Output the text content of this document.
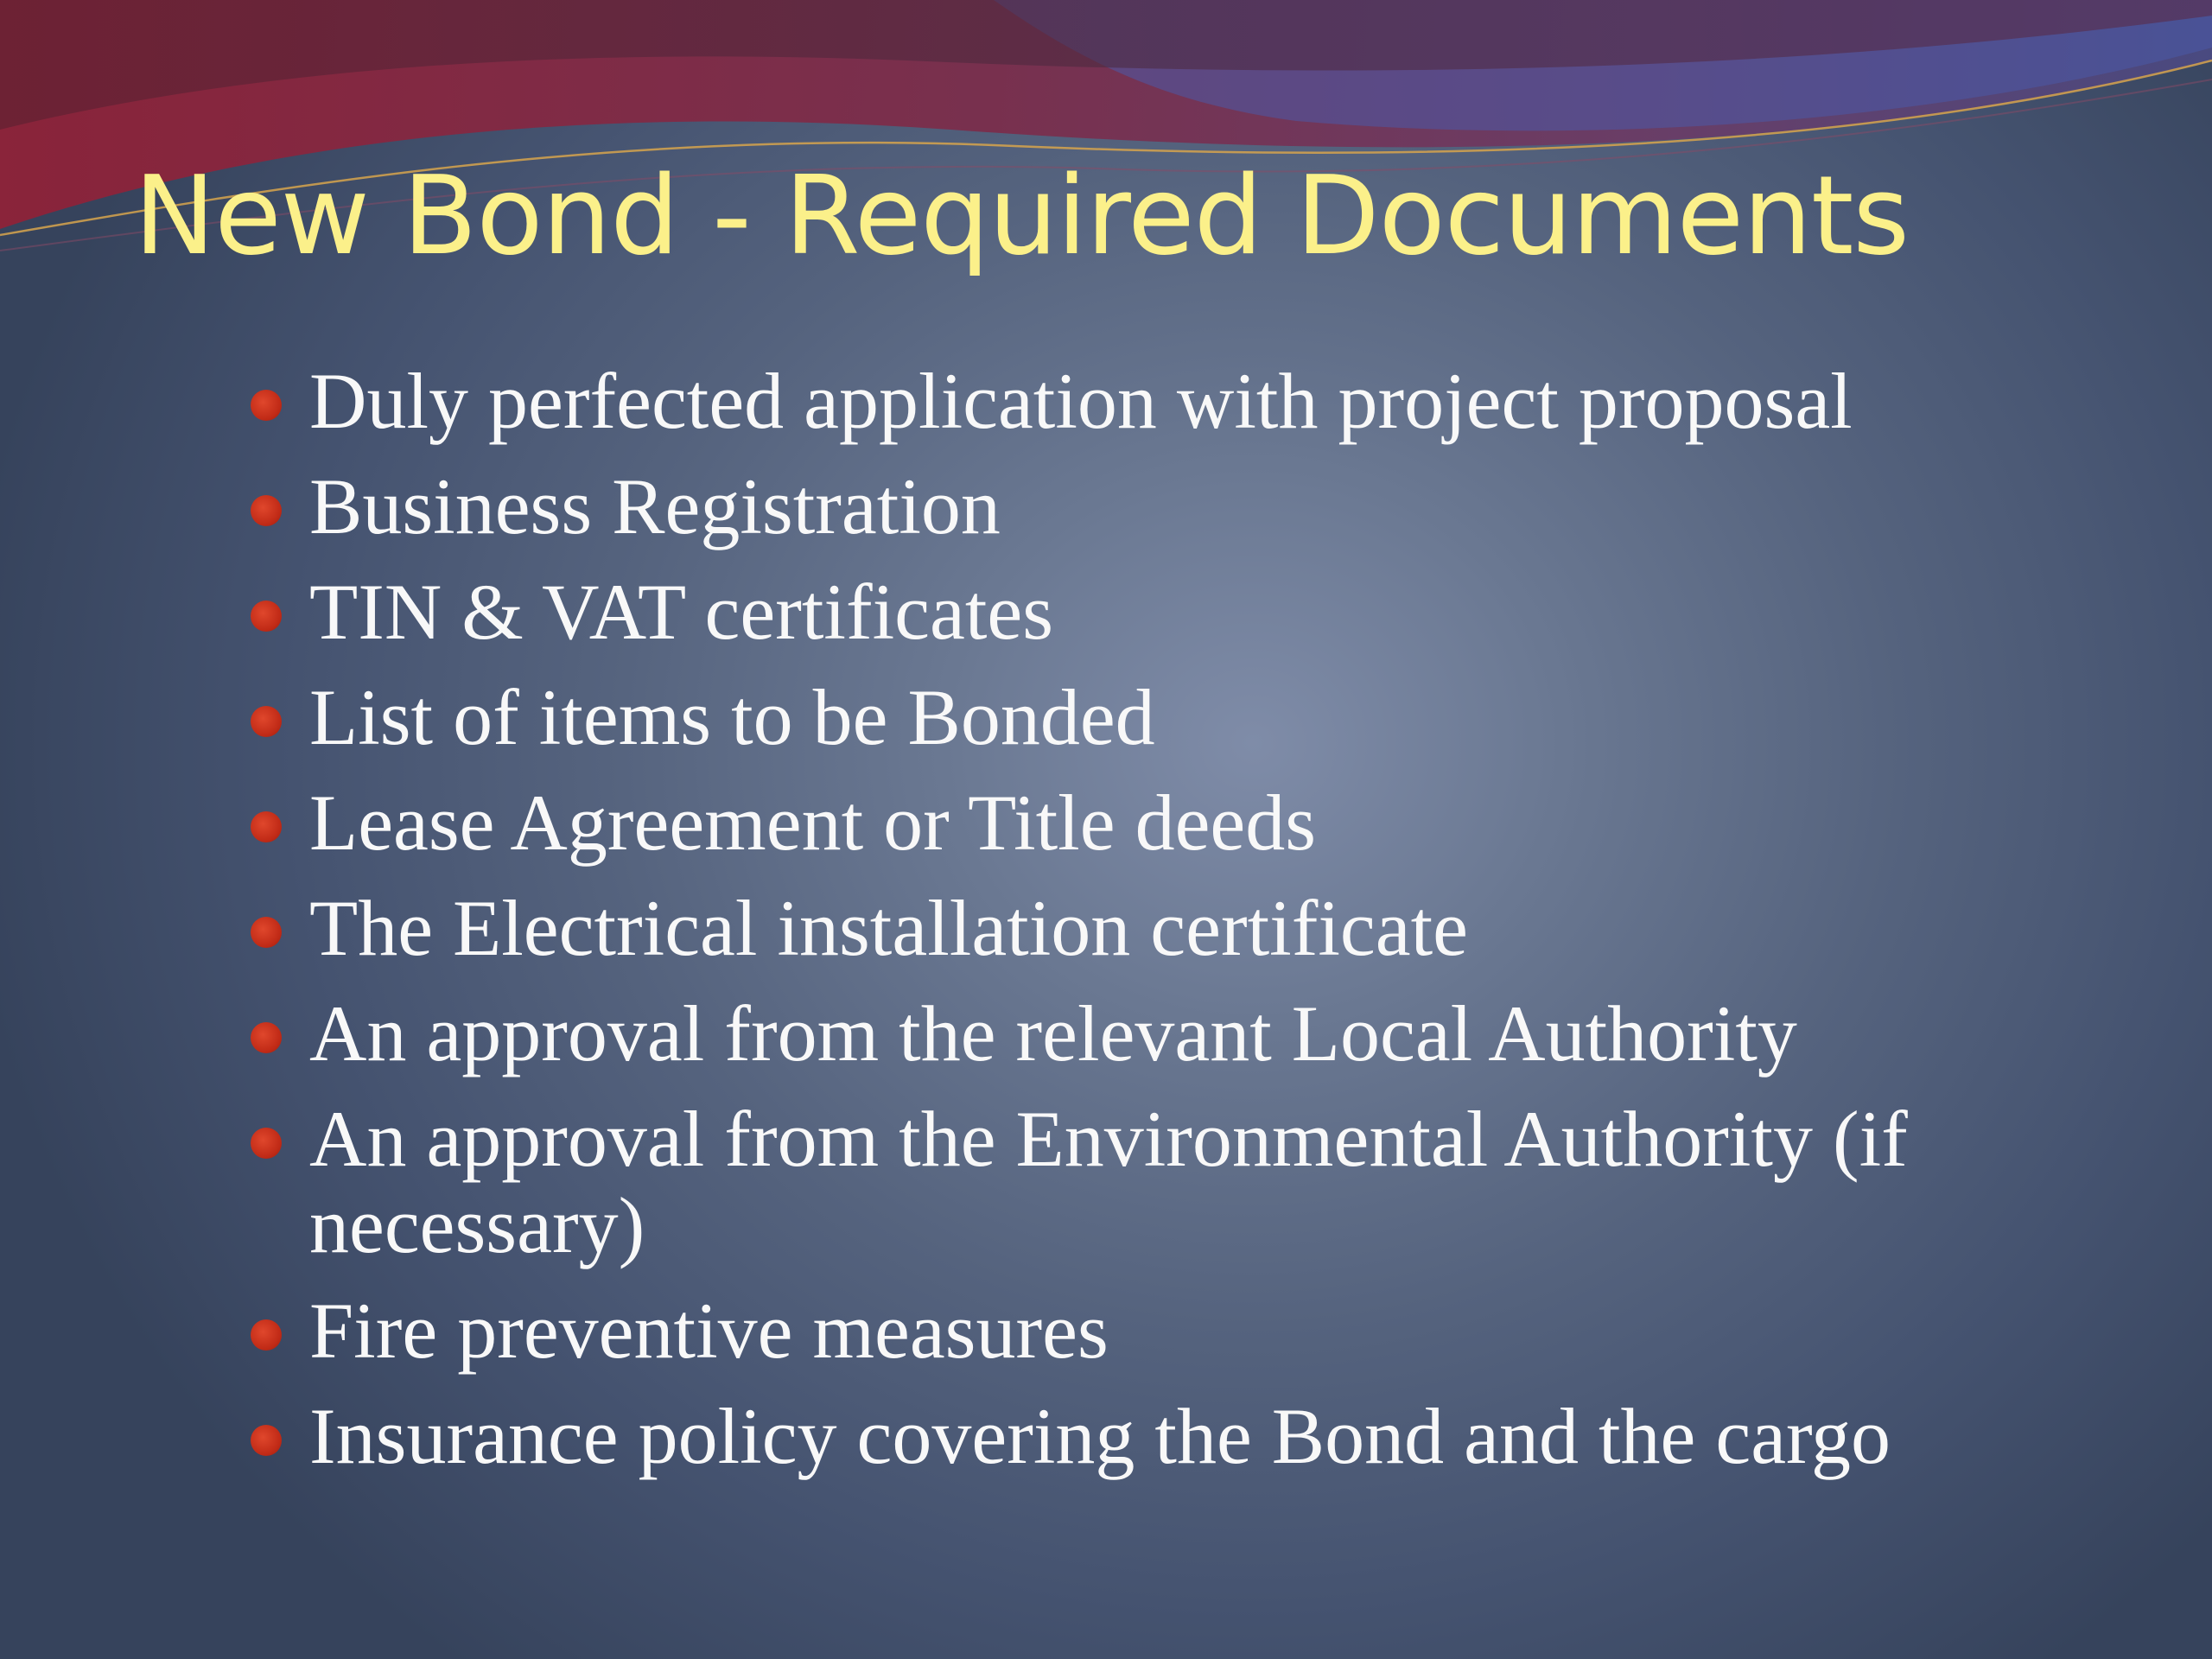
New Bond - Required Documents
Duly perfected application with project proposal
Business Registration
TIN & VAT certificates
List of items to be Bonded
Lease Agreement or Title deeds
The Electrical installation certificate
An approval from the relevant Local Authority
An approval from the Environmental Authority (if necessary)
Fire preventive measures
Insurance policy covering the Bond and the cargo
